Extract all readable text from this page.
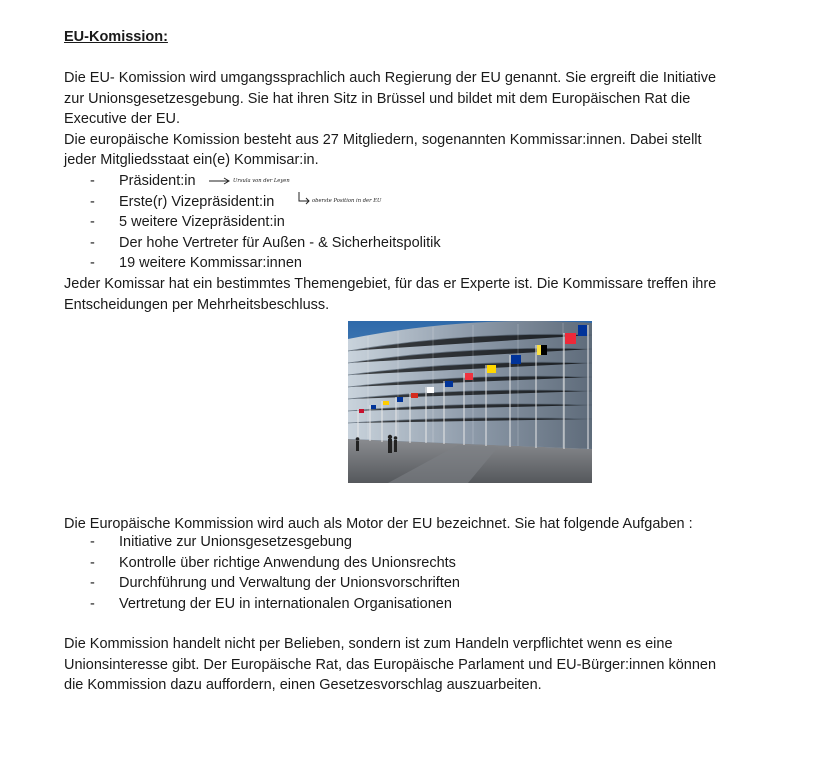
EU-Komission:
Die EU- Komission wird umgangssprachlich auch Regierung der EU genannt. Sie ergreift die Initiative
zur Unionsgesetzesgebung. Sie hat ihren Sitz in Brüssel und bildet mit dem Europäischen Rat die
Executive der EU.
Die europäische Komission besteht aus 27 Mitgliedern, sogenannten Kommissar:innen. Dabei stellt
jeder Mitgliedsstaat ein(e) Kommisar:in.
- Präsident:in
- Erste(r) Vizepräsident:in
- 5 weitere Vizepräsident:in
- Der hohe Vertreter für Außen - & Sicherheitspolitik
- 19 weitere Kommissar:innen
Ursula von der Leyen
oberste Position in der EU
Jeder Komissar hat ein bestimmtes Themengebiet, für das er Experte ist. Die Kommissare treffen ihre
Entscheidungen per Mehrheitsbeschluss.
Die Europäische Kommission wird auch als Motor der EU bezeichnet. Sie hat folgende Aufgaben :
- Initiative zur Unionsgesetzesgebung
- Kontrolle über richtige Anwendung des Unionsrechts
- Durchführung und Verwaltung der Unionsvorschriften
- Vertretung der EU in internationalen Organisationen
Die Kommission handelt nicht per Belieben, sondern ist zum Handeln verpflichtet wenn es eine
Unionsinteresse gibt. Der Europäische Rat, das Europäische Parlament und EU-Bürger:innen können
die Kommission dazu auffordern, einen Gesetzesvorschlag auszuarbeiten.
